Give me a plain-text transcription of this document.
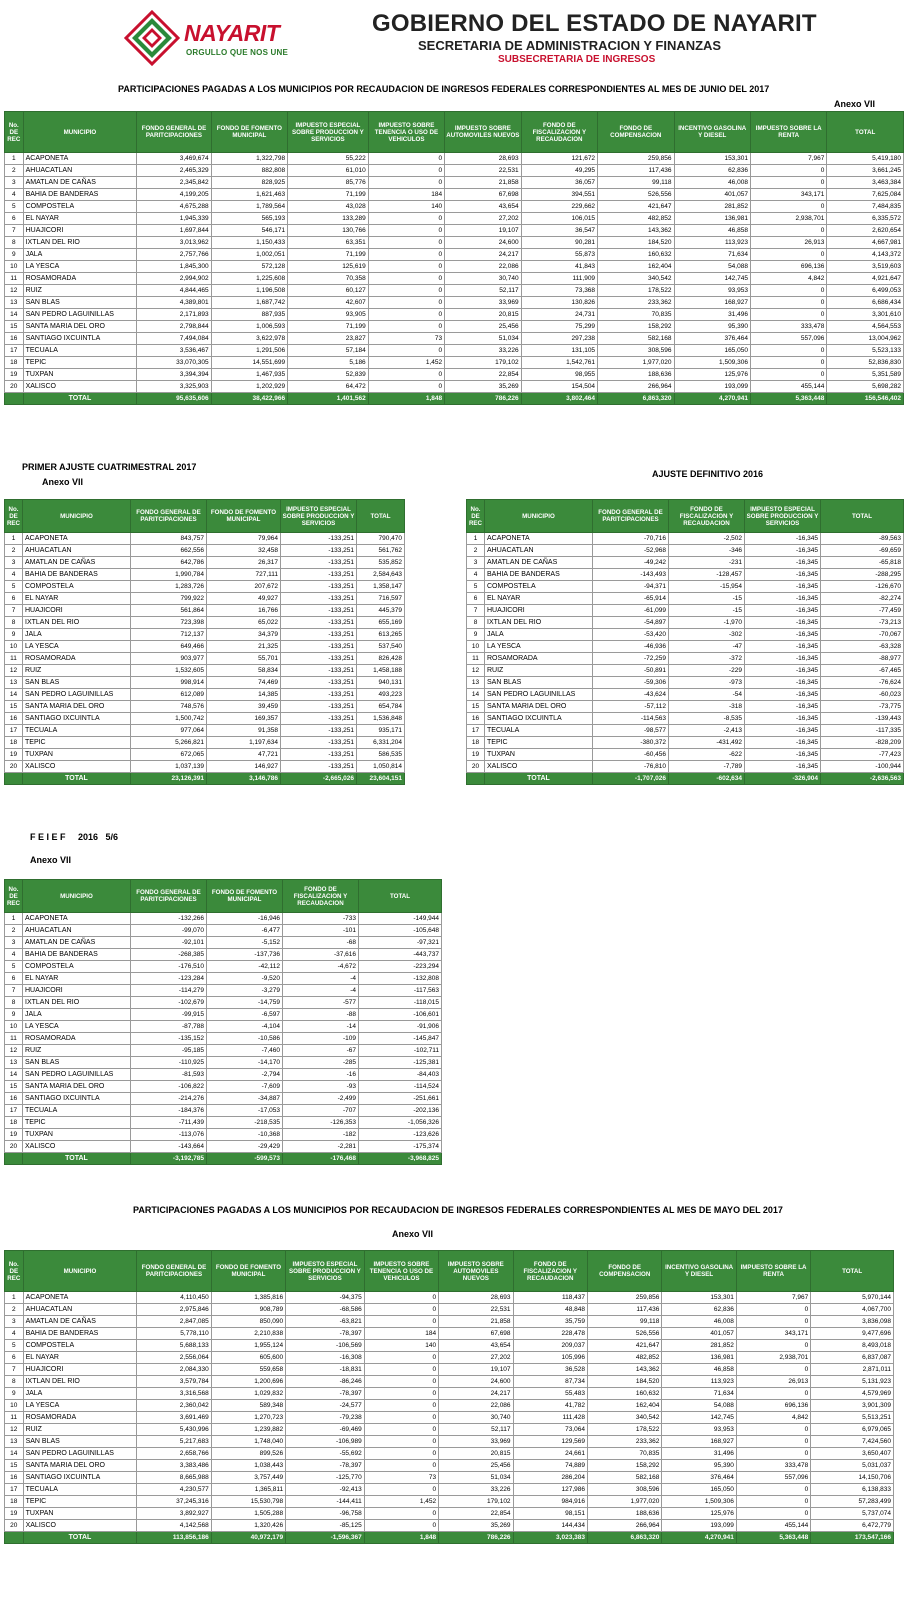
NAYARIT
ORGULLO QUE NOS UNE
GOBIERNO DEL ESTADO DE NAYARIT
SECRETARIA DE ADMINISTRACION Y FINANZAS
SUBSECRETARIA DE INGRESOS
PARTICIPACIONES PAGADAS A LOS MUNICIPIOS POR RECAUDACION DE INGRESOS FEDERALES CORRESPONDIENTES AL MES DE JUNIO DEL 2017
Anexo VII
PRIMER AJUSTE CUATRIMESTRAL 2017
Anexo VII
AJUSTE DEFINITIVO 2016
F E I E F     2016   5/6
Anexo VII
PARTICIPACIONES PAGADAS A LOS MUNICIPIOS POR RECAUDACION DE INGRESOS FEDERALES CORRESPONDIENTES AL MES DE MAYO DEL 2017
Anexo VII
No. DE REC	MUNICIPIO	FONDO GENERAL DE PARITCIPACIONES	FONDO DE FOMENTO MUNICIPAL	IMPUESTO ESPECIAL SOBRE PRODUCCION Y SERVICIOS	IMPUESTO SOBRE TENENCIA O USO DE VEHICULOS	IMPUESTO SOBRE AUTOMOVILES NUEVOS	FONDO DE FISCALIZACION Y RECAUDACION	FONDO DE COMPENSACION	INCENTIVO GASOLINA Y DIESEL	IMPUESTO SOBRE LA RENTA	TOTAL
1	ACAPONETA	3,469,674	1,322,798	55,222	0	28,693	121,672	259,856	153,301	7,967	5,419,180
2	AHUACATLAN	2,465,329	882,808	61,010	0	22,531	49,295	117,436	62,836	0	3,661,245
3	AMATLAN DE CAÑAS	2,345,842	828,925	85,776	0	21,858	36,057	99,118	46,008	0	3,463,384
4	BAHIA DE BANDERAS	4,199,205	1,621,463	71,199	184	67,698	394,551	526,556	401,057	343,171	7,625,084
5	COMPOSTELA	4,675,288	1,789,564	43,028	140	43,654	229,662	421,647	281,852	0	7,484,835
6	EL NAYAR	1,945,339	565,193	133,289	0	27,202	106,015	482,852	136,981	2,938,701	6,335,572
7	HUAJICORI	1,697,844	546,171	130,766	0	19,107	36,547	143,362	46,858	0	2,620,654
8	IXTLAN DEL RIO	3,013,962	1,150,433	63,351	0	24,600	90,281	184,520	113,923	26,913	4,667,981
9	JALA	2,757,766	1,002,051	71,199	0	24,217	55,873	160,632	71,634	0	4,143,372
10	LA YESCA	1,845,300	572,128	125,619	0	22,086	41,843	162,404	54,088	696,136	3,519,603
11	ROSAMORADA	2,994,902	1,225,608	70,358	0	30,740	111,909	340,542	142,745	4,842	4,921,647
12	RUIZ	4,844,465	1,196,508	60,127	0	52,117	73,368	178,522	93,953	0	6,499,053
13	SAN BLAS	4,389,801	1,687,742	42,607	0	33,969	130,826	233,362	168,927	0	6,686,434
14	SAN PEDRO LAGUINILLAS	2,171,893	887,935	93,905	0	20,815	24,731	70,835	31,496	0	3,301,610
15	SANTA MARIA DEL ORO	2,798,844	1,006,593	71,199	0	25,456	75,299	158,292	95,390	333,478	4,564,553
16	SANTIAGO IXCUINTLA	7,494,084	3,622,978	23,827	73	51,034	297,238	582,168	376,464	557,096	13,004,962
17	TECUALA	3,536,467	1,291,506	57,184	0	33,226	131,105	308,596	165,050	0	5,523,133
18	TEPIC	33,070,305	14,551,699	5,186	1,452	179,102	1,542,761	1,977,020	1,509,306	0	52,836,830
19	TUXPAN	3,394,394	1,467,935	52,839	0	22,854	98,955	188,636	125,976	0	5,351,589
20	XALISCO	3,325,903	1,202,929	64,472	0	35,269	154,504	266,964	193,099	455,144	5,698,282
	TOTAL	95,635,606	38,422,966	1,401,562	1,848	786,226	3,802,464	6,863,320	4,270,941	5,363,448	156,546,402
No. DE REC	MUNICIPIO	FONDO GENERAL DE PARITCIPACIONES	FONDO DE FOMENTO MUNICIPAL	IMPUESTO ESPECIAL SOBRE PRODUCCION Y SERVICIOS	TOTAL
1	ACAPONETA	843,757	79,964	-133,251	790,470
2	AHUACATLAN	662,556	32,458	-133,251	561,762
3	AMATLAN DE CAÑAS	642,786	26,317	-133,251	535,852
4	BAHIA DE BANDERAS	1,990,784	727,111	-133,251	2,584,643
5	COMPOSTELA	1,283,726	207,672	-133,251	1,358,147
6	EL NAYAR	799,922	49,927	-133,251	716,597
7	HUAJICORI	561,864	16,766	-133,251	445,379
8	IXTLAN DEL RIO	723,398	65,022	-133,251	655,169
9	JALA	712,137	34,379	-133,251	613,265
10	LA YESCA	649,466	21,325	-133,251	537,540
11	ROSAMORADA	903,977	55,701	-133,251	826,428
12	RUIZ	1,532,605	58,834	-133,251	1,458,188
13	SAN BLAS	998,914	74,469	-133,251	940,131
14	SAN PEDRO LAGUINILLAS	612,089	14,385	-133,251	493,223
15	SANTA MARIA DEL ORO	748,576	39,459	-133,251	654,784
16	SANTIAGO IXCUINTLA	1,500,742	169,357	-133,251	1,536,848
17	TECUALA	977,064	91,358	-133,251	935,171
18	TEPIC	5,266,821	1,197,634	-133,251	6,331,204
19	TUXPAN	672,065	47,721	-133,251	586,535
20	XALISCO	1,037,139	146,927	-133,251	1,050,814
	TOTAL	23,126,391	3,146,786	-2,665,026	23,604,151
No. DE REC	MUNICIPIO	FONDO GENERAL DE PARITCIPACIONES	FONDO DE FISCALIZACION Y RECAUDACION	IMPUESTO ESPECIAL SOBRE PRODUCCION Y SERVICIOS	TOTAL
1	ACAPONETA	-70,716	-2,502	-16,345	-89,563
2	AHUACATLAN	-52,968	-346	-16,345	-69,659
3	AMATLAN DE CAÑAS	-49,242	-231	-16,345	-65,818
4	BAHIA DE BANDERAS	-143,493	-128,457	-16,345	-288,295
5	COMPOSTELA	-94,371	-15,954	-16,345	-126,670
6	EL NAYAR	-65,914	-15	-16,345	-82,274
7	HUAJICORI	-61,099	-15	-16,345	-77,459
8	IXTLAN DEL RIO	-54,897	-1,970	-16,345	-73,213
9	JALA	-53,420	-302	-16,345	-70,067
10	LA YESCA	-46,936	-47	-16,345	-63,328
11	ROSAMORADA	-72,259	-372	-16,345	-88,977
12	RUIZ	-50,891	-229	-16,345	-67,465
13	SAN BLAS	-59,306	-973	-16,345	-76,624
14	SAN PEDRO LAGUINILLAS	-43,624	-54	-16,345	-60,023
15	SANTA MARIA DEL ORO	-57,112	-318	-16,345	-73,775
16	SANTIAGO IXCUINTLA	-114,563	-8,535	-16,345	-139,443
17	TECUALA	-98,577	-2,413	-16,345	-117,335
18	TEPIC	-380,372	-431,492	-16,345	-828,209
19	TUXPAN	-60,456	-622	-16,345	-77,423
20	XALISCO	-76,810	-7,789	-16,345	-100,944
	TOTAL	-1,707,026	-602,634	-326,904	-2,636,563
No. DE REC	MUNICIPIO	FONDO GENERAL DE PARITCIPACIONES	FONDO DE FOMENTO MUNICIPAL	FONDO DE FISCALIZACION Y RECAUDACION	TOTAL
1	ACAPONETA	-132,266	-16,946	-733	-149,944
2	AHUACATLAN	-99,070	-6,477	-101	-105,648
3	AMATLAN DE CAÑAS	-92,101	-5,152	-68	-97,321
4	BAHIA DE BANDERAS	-268,385	-137,736	-37,616	-443,737
5	COMPOSTELA	-176,510	-42,112	-4,672	-223,294
6	EL NAYAR	-123,284	-9,520	-4	-132,808
7	HUAJICORI	-114,279	-3,279	-4	-117,563
8	IXTLAN DEL RIO	-102,679	-14,759	-577	-118,015
9	JALA	-99,915	-6,597	-88	-106,601
10	LA YESCA	-87,788	-4,104	-14	-91,906
11	ROSAMORADA	-135,152	-10,586	-109	-145,847
12	RUIZ	-95,185	-7,460	-67	-102,711
13	SAN BLAS	-110,925	-14,170	-285	-125,381
14	SAN PEDRO LAGUINILLAS	-81,593	-2,794	-16	-84,403
15	SANTA MARIA DEL ORO	-106,822	-7,609	-93	-114,524
16	SANTIAGO IXCUINTLA	-214,276	-34,887	-2,499	-251,661
17	TECUALA	-184,376	-17,053	-707	-202,136
18	TEPIC	-711,439	-218,535	-126,353	-1,056,326
19	TUXPAN	-113,076	-10,368	-182	-123,626
20	XALISCO	-143,664	-29,429	-2,281	-175,374
	TOTAL	-3,192,785	-599,573	-176,468	-3,968,825
No. DE REC	MUNICIPIO	FONDO GENERAL DE PARITCIPACIONES	FONDO DE FOMENTO MUNICIPAL	IMPUESTO ESPECIAL SOBRE PRODUCCION Y SERVICIOS	IMPUESTO SOBRE TENENCIA O USO DE VEHICULOS	IMPUESTO SOBRE AUTOMOVILES NUEVOS	FONDO DE FISCALIZACION Y RECAUDACION	FONDO DE COMPENSACION	INCENTIVO GASOLINA Y DIESEL	IMPUESTO SOBRE LA RENTA	TOTAL
1	ACAPONETA	4,110,450	1,385,816	-94,375	0	28,693	118,437	259,856	153,301	7,967	5,970,144
2	AHUACATLAN	2,975,846	908,789	-68,586	0	22,531	48,848	117,436	62,836	0	4,067,700
3	AMATLAN DE CAÑAS	2,847,085	850,090	-63,821	0	21,858	35,759	99,118	46,008	0	3,836,098
4	BAHIA DE BANDERAS	5,778,110	2,210,838	-78,397	184	67,698	228,478	526,556	401,057	343,171	9,477,696
5	COMPOSTELA	5,688,133	1,955,124	-106,569	140	43,654	209,037	421,647	281,852	0	8,493,018
6	EL NAYAR	2,556,064	605,600	-16,308	0	27,202	105,996	482,852	136,981	2,938,701	6,837,087
7	HUAJICORI	2,084,330	559,658	-18,831	0	19,107	36,528	143,362	46,858	0	2,871,011
8	IXTLAN DEL RIO	3,579,784	1,200,696	-86,246	0	24,600	87,734	184,520	113,923	26,913	5,131,923
9	JALA	3,316,568	1,029,832	-78,397	0	24,217	55,483	160,632	71,634	0	4,579,969
10	LA YESCA	2,360,042	589,348	-24,577	0	22,086	41,782	162,404	54,088	696,136	3,901,309
11	ROSAMORADA	3,691,469	1,270,723	-79,238	0	30,740	111,428	340,542	142,745	4,842	5,513,251
12	RUIZ	5,430,996	1,239,882	-69,469	0	52,117	73,064	178,522	93,953	0	6,979,065
13	SAN BLAS	5,217,683	1,748,040	-106,989	0	33,969	129,569	233,362	168,927	0	7,424,560
14	SAN PEDRO LAGUINILLAS	2,658,766	899,526	-55,692	0	20,815	24,661	70,835	31,496	0	3,650,407
15	SANTA MARIA DEL ORO	3,383,486	1,038,443	-78,397	0	25,456	74,889	158,292	95,390	333,478	5,031,037
16	SANTIAGO IXCUINTLA	8,665,988	3,757,449	-125,770	73	51,034	286,204	582,168	376,464	557,096	14,150,706
17	TECUALA	4,230,577	1,365,811	-92,413	0	33,226	127,986	308,596	165,050	0	6,138,833
18	TEPIC	37,245,316	15,530,798	-144,411	1,452	179,102	984,916	1,977,020	1,509,306	0	57,283,499
19	TUXPAN	3,892,927	1,505,288	-96,758	0	22,854	98,151	188,636	125,976	0	5,737,074
20	XALISCO	4,142,568	1,320,426	-85,125	0	35,269	144,434	266,964	193,099	455,144	6,472,779
	TOTAL	113,856,186	40,972,179	-1,596,367	1,848	786,226	3,023,383	6,863,320	4,270,941	5,363,448	173,547,166
